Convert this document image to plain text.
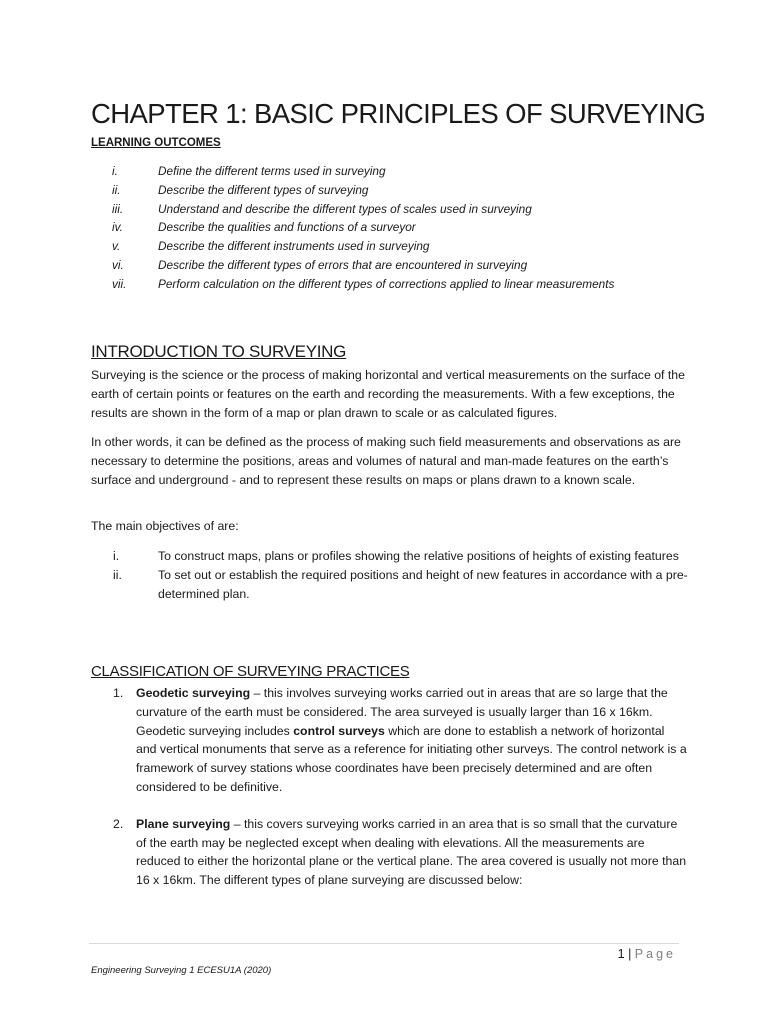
CHAPTER 1: BASIC PRINCIPLES OF SURVEYING

LEARNING OUTCOMES

i.	Define the different terms used in surveying
ii.	Describe the different types of surveying
iii.	Understand and describe the different types of scales used in surveying
iv.	Describe the qualities and functions of a surveyor
v.	Describe the different instruments used in surveying
vi.	Describe the different types of errors that are encountered in surveying
vii.	Perform calculation on the different types of corrections applied to linear measurements
INTRODUCTION TO SURVEYING

Surveying is the science or the process of making horizontal and vertical measurements on the surface of the earth of certain points or features on the earth and recording the measurements. With a few exceptions, the results are shown in the form of a map or plan drawn to scale or as calculated figures.

In other words, it can be defined as the process of making such field measurements and observations as are necessary to determine the positions, areas and volumes of natural and man-made features on the earth’s surface and underground - and to represent these results on maps or plans drawn to a known scale.

The main objectives of are:

i.	To construct maps, plans or profiles showing the relative positions of heights of existing features
ii.	To set out or establish the required positions and height of new features in accordance with a pre-determined plan.
CLASSIFICATION OF SURVEYING PRACTICES
1. Geodetic surveying – this involves surveying works carried out in areas that are so large that the curvature of the earth must be considered. The area surveyed is usually larger than 16 x 16km. Geodetic surveying includes control surveys which are done to establish a network of horizontal and vertical monuments that serve as a reference for initiating other surveys. The control network is a framework of survey stations whose coordinates have been precisely determined and are often considered to be definitive.
2. Plane surveying – this covers surveying works carried in an area that is so small that the curvature of the earth may be neglected except when dealing with elevations. All the measurements are reduced to either the horizontal plane or the vertical plane. The area covered is usually not more than 16 x 16km. The different types of plane surveying are discussed below:
1 | Page
Engineering Surveying 1 ECESU1A (2020)
